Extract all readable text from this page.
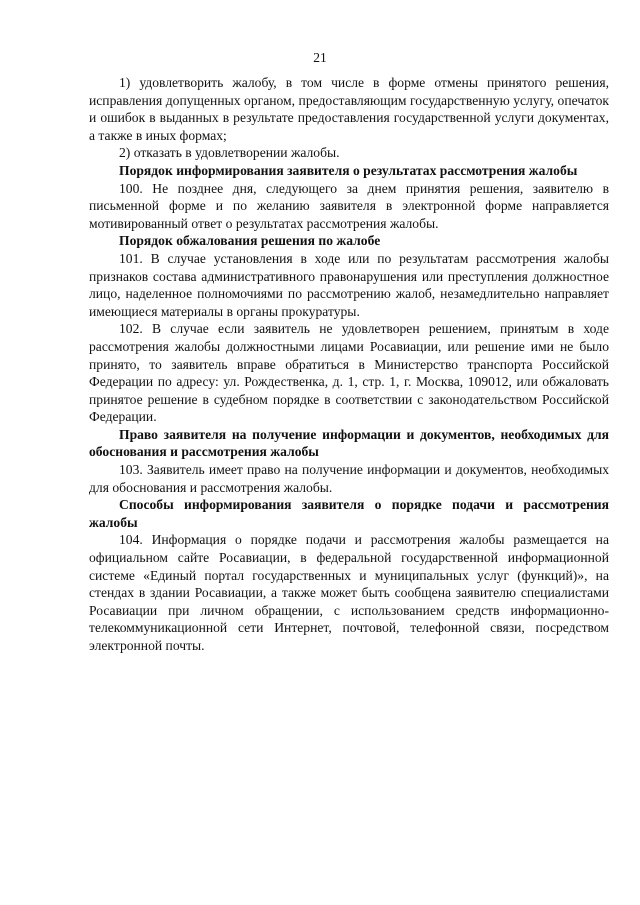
21

1) удовлетворить жалобу, в том числе в форме отмены принятого решения, исправления допущенных органом, предоставляющим государственную услугу, опечаток и ошибок в выданных в результате предоставления государственной услуги документах, а также в иных формах;

2) отказать в удовлетворении жалобы.

Порядок информирования заявителя о результатах рассмотрения жалобы

100. Не позднее дня, следующего за днем принятия решения, заявителю в письменной форме и по желанию заявителя в электронной форме направляется мотивированный ответ о результатах рассмотрения жалобы.

Порядок обжалования решения по жалобе

101. В случае установления в ходе или по результатам рассмотрения жалобы признаков состава административного правонарушения или преступления должностное лицо, наделенное полномочиями по рассмотрению жалоб, незамедлительно направляет имеющиеся материалы в органы прокуратуры.

102. В случае если заявитель не удовлетворен решением, принятым в ходе рассмотрения жалобы должностными лицами Росавиации, или решение ими не было принято, то заявитель вправе обратиться в Министерство транспорта Российской Федерации по адресу: ул. Рождественка, д. 1, стр. 1, г. Москва, 109012, или обжаловать принятое решение в судебном порядке в соответствии с законодательством Российской Федерации.

Право заявителя на получение информации и документов, необходимых для обоснования и рассмотрения жалобы

103. Заявитель имеет право на получение информации и документов, необходимых для обоснования и рассмотрения жалобы.

Способы информирования заявителя о порядке подачи и рассмотрения жалобы

104. Информация о порядке подачи и рассмотрения жалобы размещается на официальном сайте Росавиации, в федеральной государственной информационной системе «Единый портал государственных и муниципальных услуг (функций)», на стендах в здании Росавиации, а также может быть сообщена заявителю специалистами Росавиации при личном обращении, с использованием средств информационно-телекоммуникационной сети Интернет, почтовой, телефонной связи, посредством электронной почты.
